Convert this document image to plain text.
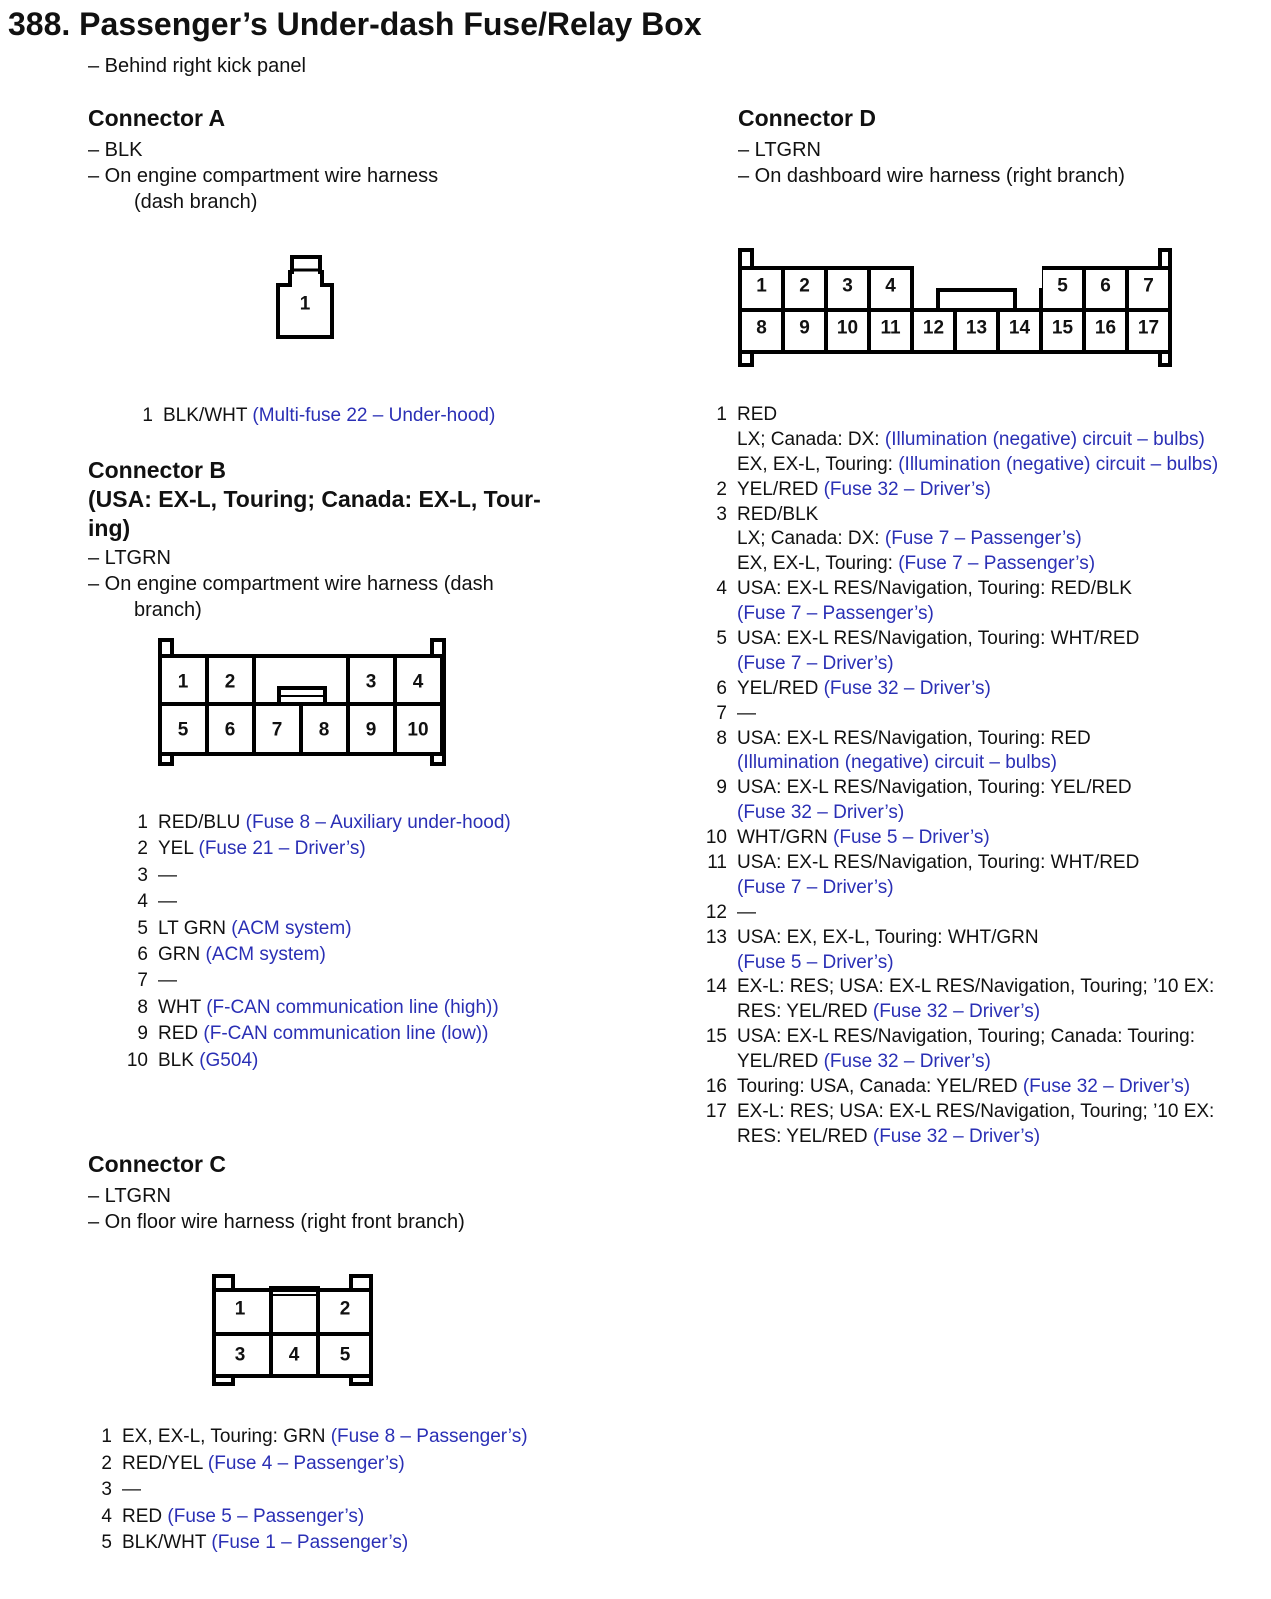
388. Passenger’s Under-dash Fuse/Relay Box
– Behind right kick panel
Connector A
– BLK
– On engine compartment wire harness
(dash branch)
1
1 BLK/WHT (Multi-fuse 22 – Under-hood)
Connector B
(USA: EX-L, Touring; Canada: EX-L, Tour-
ing)
– LTGRN
– On engine compartment wire harness (dash
branch)
1 2	3 4
5 6 7 8 9 10
1 RED/BLU (Fuse 8 – Auxiliary under-hood)
2 YEL (Fuse 21 – Driver’s)
3 —
4 —
5 LT GRN (ACM system)
6 GRN (ACM system)
7 —
8 WHT (F-CAN communication line (high))
9 RED (F-CAN communication line (low))
10 BLK (G504)
Connector C
– LTGRN
– On floor wire harness (right front branch)
1	2
3 4 5
1 EX, EX-L, Touring: GRN (Fuse 8 – Passenger’s)
2 RED/YEL (Fuse 4 – Passenger’s)
3 —
4 RED (Fuse 5 – Passenger’s)
5 BLK/WHT (Fuse 1 – Passenger’s)
Connector D
– LTGRN
– On dashboard wire harness (right branch)
1 2 3 4	5 6 7
8 9 10 11 12 13 14 15 16 17
1 RED
LX; Canada: DX: (Illumination (negative) circuit – bulbs)
EX, EX-L, Touring: (Illumination (negative) circuit – bulbs)
2 YEL/RED (Fuse 32 – Driver’s)
3 RED/BLK
LX; Canada: DX: (Fuse 7 – Passenger’s)
EX, EX-L, Touring: (Fuse 7 – Passenger’s)
4 USA: EX-L RES/Navigation, Touring: RED/BLK
(Fuse 7 – Passenger’s)
5 USA: EX-L RES/Navigation, Touring: WHT/RED
(Fuse 7 – Driver’s)
6 YEL/RED (Fuse 32 – Driver’s)
7 —
8 USA: EX-L RES/Navigation, Touring: RED
(Illumination (negative) circuit – bulbs)
9 USA: EX-L RES/Navigation, Touring: YEL/RED
(Fuse 32 – Driver’s)
10 WHT/GRN (Fuse 5 – Driver’s)
11 USA: EX-L RES/Navigation, Touring: WHT/RED
(Fuse 7 – Driver’s)
12 —
13 USA: EX, EX-L, Touring: WHT/GRN
(Fuse 5 – Driver’s)
14 EX-L: RES; USA: EX-L RES/Navigation, Touring; ’10 EX:
RES: YEL/RED (Fuse 32 – Driver’s)
15 USA: EX-L RES/Navigation, Touring; Canada: Touring:
YEL/RED (Fuse 32 – Driver’s)
16 Touring: USA, Canada: YEL/RED (Fuse 32 – Driver’s)
17 EX-L: RES; USA: EX-L RES/Navigation, Touring; ’10 EX:
RES: YEL/RED (Fuse 32 – Driver’s)
